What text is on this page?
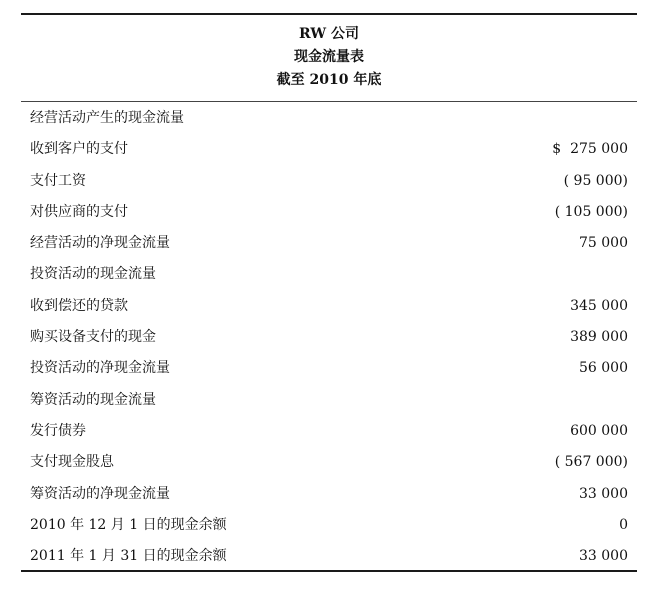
RW 公司
现金流量表
截至 2010 年底
经营活动产生的现金流量
收到客户的支付	$  275 000
支付工资	( 95 000)
对供应商的支付	( 105 000)
经营活动的净现金流量	75 000
投资活动的现金流量
收到偿还的贷款	345 000
购买设备支付的现金	389 000
投资活动的净现金流量	56 000
筹资活动的现金流量
发行债券	600 000
支付现金股息	( 567 000)
筹资活动的净现金流量	33 000
2010 年 12 月 1 日的现金余额	0
2011 年 1 月 31 日的现金余额	33 000
